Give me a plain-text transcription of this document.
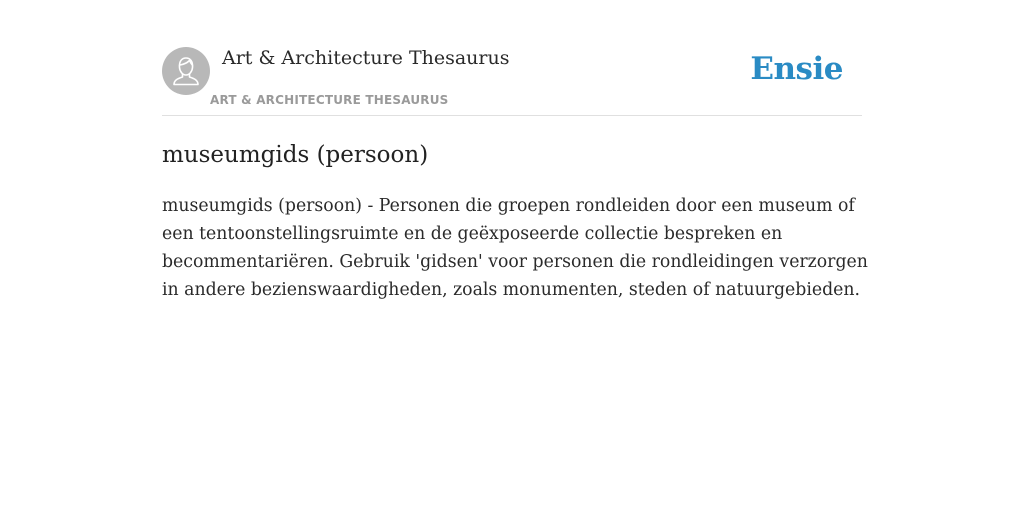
Art & Architecture Thesaurus
ART & ARCHITECTURE THESAURUS
Ensie
museumgids (persoon)

museumgids (persoon) - Personen die groepen rondleiden door een museum of
een tentoonstellingsruimte en de geëxposeerde collectie bespreken en
becommentariëren. Gebruik 'gidsen' voor personen die rondleidingen verzorgen
in andere bezienswaardigheden, zoals monumenten, steden of natuurgebieden.
